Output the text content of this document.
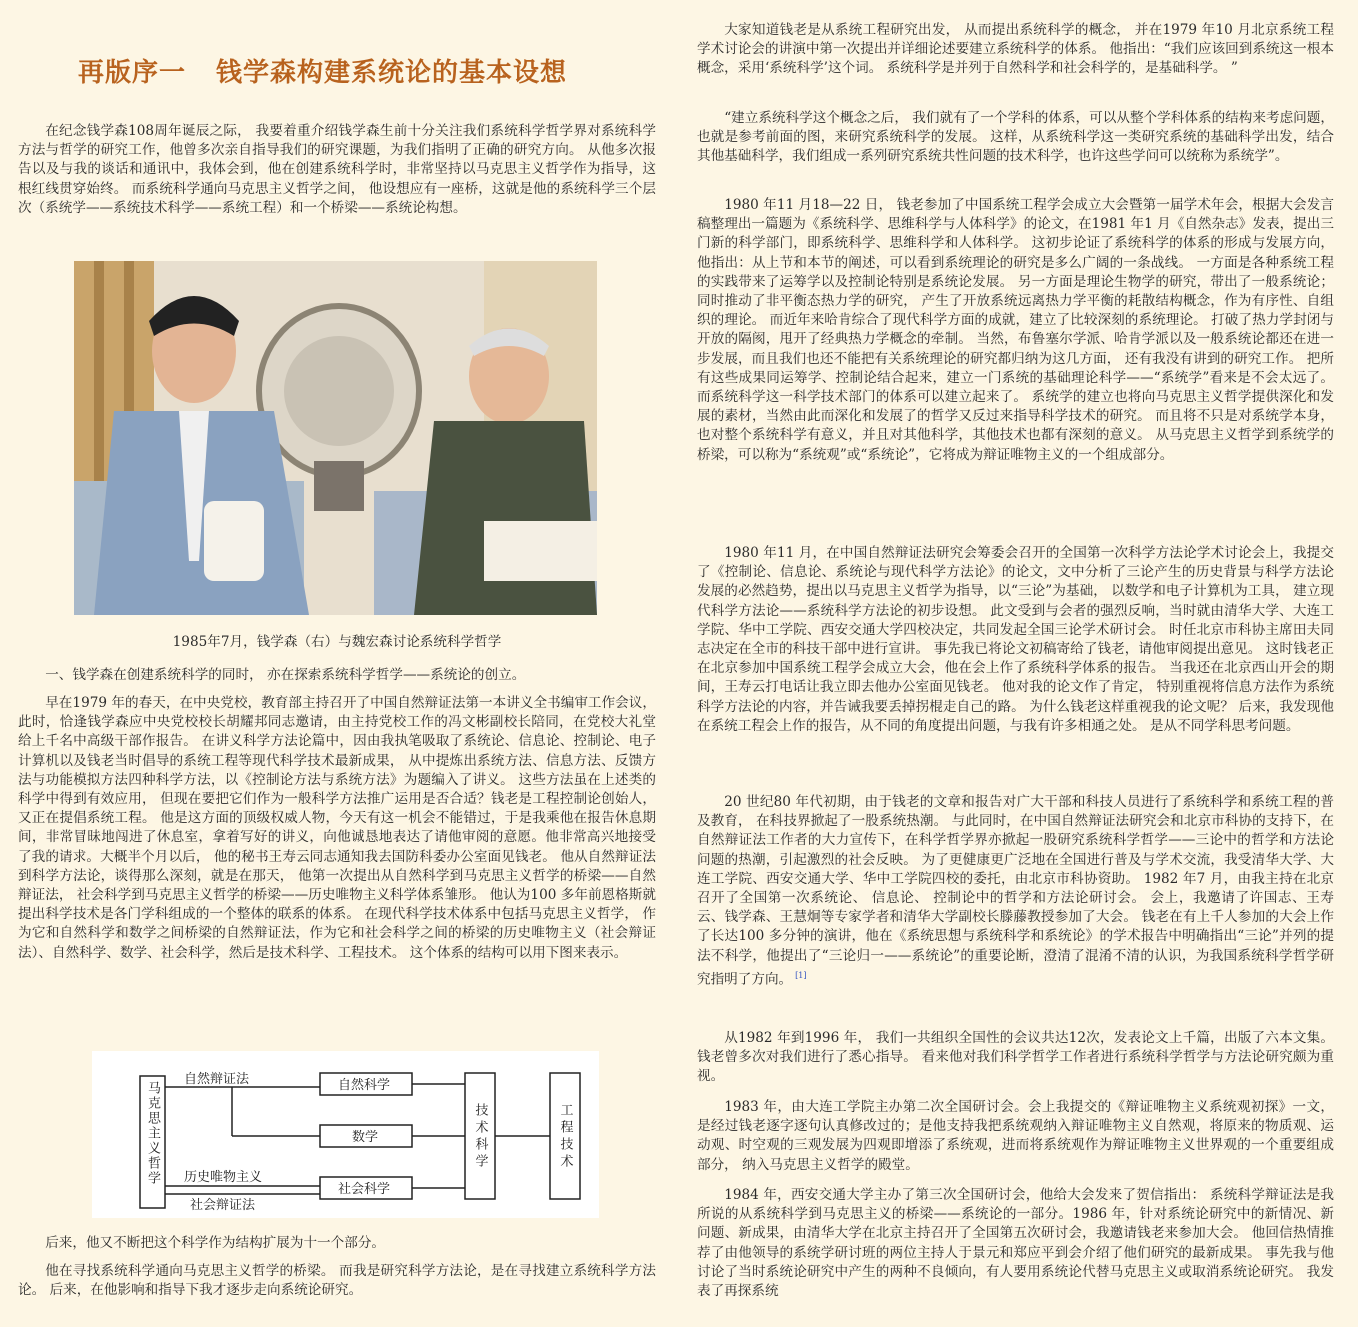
再版序一 钱学森构建系统论的基本设想

在纪念钱学森108周年诞辰之际， 我要着重介绍钱学森生前十分关注我们系统科学哲学界对系统科学方法与哲学的研究工作，他曾多次亲自指导我们的研究课题，为我们指明了正确的研究方向。 从他多次报告以及与我的谈话和通讯中，我体会到，他在创建系统科学时，非常坚持以马克思主义哲学作为指导，这根红线贯穿始终。 而系统科学通向马克思主义哲学之间， 他设想应有一座桥，这就是他的系统科学三个层次（系统学——系统技术科学——系统工程）和一个桥梁——系统论构想。

1985年7月，钱学森（右）与魏宏森讨论系统科学哲学

一、钱学森在创建系统科学的同时， 亦在探索系统科学哲学——系统论的创立。

早在1979 年的春天，在中央党校，教育部主持召开了中国自然辩证法第一本讲义全书编审工作会议，此时，恰逢钱学森应中央党校校长胡耀邦同志邀请，由主持党校工作的冯文彬副校长陪同，在党校大礼堂给上千名中高级干部作报告。 在讲义科学方法论篇中，因由我执笔吸取了系统论、信息论、控制论、电子计算机以及钱老当时倡导的系统工程等现代科学技术最新成果， 从中提炼出系统方法、信息方法、反馈方法与功能模拟方法四种科学方法，以《控制论方法与系统方法》为题编入了讲义。 这些方法虽在上述类的科学中得到有效应用， 但现在要把它们作为一般科学方法推广运用是否合适？钱老是工程控制论创始人，又正在提倡系统工程。 他是这方面的顶级权威人物，今天有这一机会不能错过，于是我乘他在报告休息期间，非常冒昧地闯进了休息室，拿着写好的讲义，向他诚恳地表达了请他审阅的意愿。他非常高兴地接受了我的请求。大概半个月以后， 他的秘书王寿云同志通知我去国防科委办公室面见钱老。 他从自然辩证法到科学方法论，谈得那么深刻，就是在那天， 他第一次提出从自然科学到马克思主义哲学的桥梁——自然辩证法， 社会科学到马克思主义哲学的桥梁——历史唯物主义科学体系雏形。 他认为100 多年前恩格斯就提出科学技术是各门学科组成的一个整体的联系的体系。 在现代科学技术体系中包括马克思主义哲学， 作为它和自然科学和数学之间桥梁的自然辩证法，作为它和社会科学之间的桥梁的历史唯物主义（社会辩证法）、自然科学、数学、社会科学，然后是技术科学、工程技术。 这个体系的结构可以用下图来表示。

马克思主义哲学
自然辩证法	自然科学
数学
历史唯物主义
社会辩证法
社会科学
技术科学	工程技术

后来，他又不断把这个科学作为结构扩展为十一个部分。

他在寻找系统科学通向马克思主义哲学的桥梁。 而我是研究科学方法论，是在寻找建立系统科学方法论。 后来，在他影响和指导下我才逐步走向系统论研究。

大家知道钱老是从系统工程研究出发， 从而提出系统科学的概念， 并在1979 年10 月北京系统工程学术讨论会的讲演中第一次提出并详细论述要建立系统科学的体系。 他指出：“我们应该回到系统这一根本概念，采用‘系统科学’这个词。 系统科学是并列于自然科学和社会科学的，是基础科学。 ”

“建立系统科学这个概念之后， 我们就有了一个学科的体系，可以从整个学科体系的结构来考虑问题，也就是参考前面的图，来研究系统科学的发展。 这样，从系统科学这一类研究系统的基础科学出发，结合其他基础科学，我们组成一系列研究系统共性问题的技术科学，也许这些学问可以统称为系统学”。

1980 年11 月18—22 日， 钱老参加了中国系统工程学会成立大会暨第一届学术年会，根据大会发言稿整理出一篇题为《系统科学、思维科学与人体科学》的论文，在1981 年1 月《自然杂志》发表，提出三门新的科学部门，即系统科学、思维科学和人体科学。 这初步论证了系统科学的体系的形成与发展方向，他指出：从上节和本节的阐述，可以看到系统理论的研究是多么广阔的一条战线。 一方面是各种系统工程的实践带来了运筹学以及控制论特别是系统论发展。 另一方面是理论生物学的研究，带出了一般系统论；同时推动了非平衡态热力学的研究， 产生了开放系统远离热力学平衡的耗散结构概念，作为有序性、自组织的理论。 而近年来哈肯综合了现代科学方面的成就，建立了比较深刻的系统理论。 打破了热力学封闭与开放的隔阂，甩开了经典热力学概念的牵制。 当然，布鲁塞尔学派、哈肯学派以及一般系统论都还在进一步发展，而且我们也还不能把有关系统理论的研究都归纳为这几方面， 还有我没有讲到的研究工作。 把所有这些成果同运筹学、控制论结合起来，建立一门系统的基础理论科学——“系统学”看来是不会太远了。 而系统科学这一科学技术部门的体系可以建立起来了。 系统学的建立也将向马克思主义哲学提供深化和发展的素材，当然由此而深化和发展了的哲学又反过来指导科学技术的研究。 而且将不只是对系统学本身，也对整个系统科学有意义，并且对其他科学，其他技术也都有深刻的意义。 从马克思主义哲学到系统学的桥梁，可以称为“系统观”或“系统论”，它将成为辩证唯物主义的一个组成部分。

1980 年11 月，在中国自然辩证法研究会筹委会召开的全国第一次科学方法论学术讨论会上，我提交了《控制论、信息论、系统论与现代科学方法论》的论文，文中分析了三论产生的历史背景与科学方法论发展的必然趋势，提出以马克思主义哲学为指导，以“三论”为基础， 以数学和电子计算机为工具， 建立现代科学方法论——系统科学方法论的初步设想。 此文受到与会者的强烈反响，当时就由清华大学、大连工学院、华中工学院、西安交通大学四校决定，共同发起全国三论学术研讨会。 时任北京市科协主席田夫同志决定在全市的科技干部中进行宣讲。 事先我已将论文初稿寄给了钱老，请他审阅提出意见。 这时钱老正在北京参加中国系统工程学会成立大会，他在会上作了系统科学体系的报告。 当我还在北京西山开会的期间，王寿云打电话让我立即去他办公室面见钱老。 他对我的论文作了肯定， 特别重视将信息方法作为系统科学方法论的内容，并告诫我要丢掉拐棍走自己的路。 为什么钱老这样重视我的论文呢？ 后来，我发现他在系统工程会上作的报告，从不同的角度提出问题，与我有许多相通之处。 是从不同学科思考问题。

20 世纪80 年代初期，由于钱老的文章和报告对广大干部和科技人员进行了系统科学和系统工程的普及教育， 在科技界掀起了一股系统热潮。 与此同时，在中国自然辩证法研究会和北京市科协的支持下，在自然辩证法工作者的大力宣传下，在科学哲学界亦掀起一股研究系统科学哲学——三论中的哲学和方法论问题的热潮，引起激烈的社会反映。 为了更健康更广泛地在全国进行普及与学术交流，我受清华大学、大连工学院、西安交通大学、华中工学院四校的委托，由北京市科协资助。 1982 年7 月，由我主持在北京召开了全国第一次系统论、 信息论、 控制论中的哲学和方法论研讨会。 会上，我邀请了许国志、王寿云、钱学森、王慧炯等专家学者和清华大学副校长滕藤教授参加了大会。 钱老在有上千人参加的大会上作了长达100 多分钟的演讲，他在《系统思想与系统科学和系统论》的学术报告中明确指出“三论”并列的提法不科学，他提出了“三论归一——系统论”的重要论断，澄清了混淆不清的认识，为我国系统科学哲学研究指明了方向。 [1]

从1982 年到1996 年， 我们一共组织全国性的会议共达12次，发表论文上千篇，出版了六本文集。 钱老曾多次对我们进行了悉心指导。 看来他对我们科学哲学工作者进行系统科学哲学与方法论研究颇为重视。

1983 年，由大连工学院主办第二次全国研讨会。会上我提交的《辩证唯物主义系统观初探》一文，是经过钱老逐字逐句认真修改过的；是他支持我把系统观纳入辩证唯物主义自然观，将原来的物质观、运动观、时空观的三观发展为四观即增添了系统观，进而将系统观作为辩证唯物主义世界观的一个重要组成部分， 纳入马克思主义哲学的殿堂。

1984 年，西安交通大学主办了第三次全国研讨会，他给大会发来了贺信指出： 系统科学辩证法是我所说的从系统科学到马克思主义的桥梁——系统论的一部分。1986 年，针对系统论研究中的新情况、新问题、新成果，由清华大学在北京主持召开了全国第五次研讨会，我邀请钱老来参加大会。 他回信热情推荐了由他领导的系统学研讨班的两位主持人于景元和郑应平到会介绍了他们研究的最新成果。 事先我与他讨论了当时系统论研究中产生的两种不良倾向，有人要用系统论代替马克思主义或取消系统论研究。 我发表了再探系统
